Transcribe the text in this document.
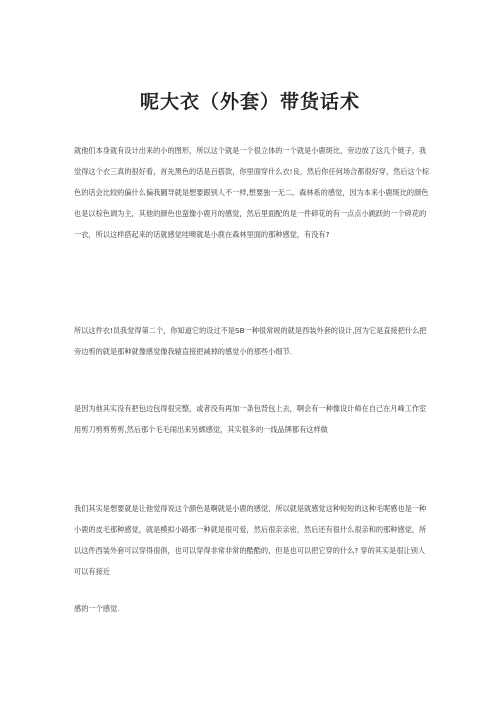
呢大衣（外套）带货话术

就他们本身就有设计出来的小的图形，所以这个就是一个很立体的一个就是小鹿斑比，旁边放了这几个链子，我觉得这个衣三真的很好看，首先黑色的话是百搭款，你里面穿什么衣!良，然后你任何场合都很好穿，然后这个棕色的话会比较的偏什么偏我圃导就是想要跟别人不一样,想要独一无二。森林系的感觉，因为本来小鹿斑比的颜色也是以棕色调为主，其他的颜色也蛮像小鹿月的感觉，然后里面配的是一件碎花的有一点点小跳跃的一个碎花的一衣，所以这样搭起来的话就感觉哇噢就是小鹿在森林里面的那种感觉，有没有?

所以这件衣!员我觉得第二个，你知道它的设过不是SB一种很常规的就是西装外套的设计,因为它是直接把什么把旁边剪的就是那种就像感觉像我辕直接把减掉的感觉小的那些小细节.

是因为他其实没有把包边包得很完整，或者没有再加一条包背包上去，啊会有一种像设计师在自己在月峰工作室用剪刀剪剪剪剪,然后那个毛毛闹出来另綁感觉，其实很多的一线品牌都有这样做

我们其实是想要就是让他觉得说这个颜色是啊就是小鹿的感觉，所以就是就感觉这种短短的这种毛呢感也是一种小鹿的皮毛那种感觉，就是模拟小路那一种就是很可爱，然后很亲亲密，然后还有很什么很亲和的那种感觉，所以这件西装外套可以穿得很俱，也可以穿得非常非常的酷酷的，但是也可以把它穿的什么? 穿的其实是很让别人可以有接近

感的一个感觉.
